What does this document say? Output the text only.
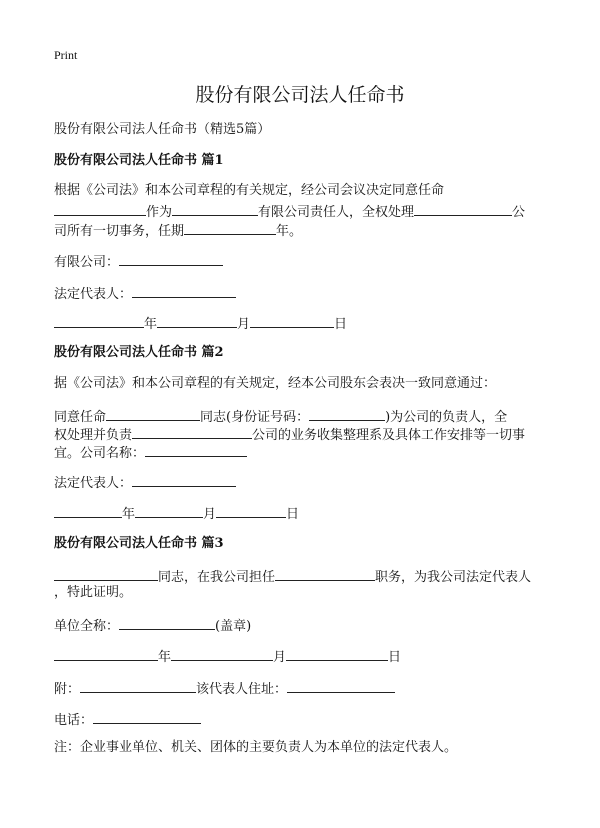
Print
股份有限公司法人任命书
股份有限公司法人任命书（精选5篇）
股份有限公司法人任命书 篇1
根据《公司法》和本公司章程的有关规定，经公司会议决定同意任命
作为	有限公司责任人，全权处理	公
司所有一切事务，任期	年。
有限公司：
法定代表人：
年	月	日
股份有限公司法人任命书 篇2
据《公司法》和本公司章程的有关规定，经本公司股东会表决一致同意通过：
同意任命	同志(身份证号码：	)为公司的负责人，全
权处理并负责	公司的业务收集整理系及具体工作安排等一切事
宜。公司名称：
法定代表人：
年	月	日
股份有限公司法人任命书 篇3
同志，在我公司担任	职务，为我公司法定代表人
，特此证明。
单位全称：	(盖章)
年	月	日
附：	该代表人住址：
电话：
注：企业事业单位、机关、团体的主要负责人为本单位的法定代表人。
